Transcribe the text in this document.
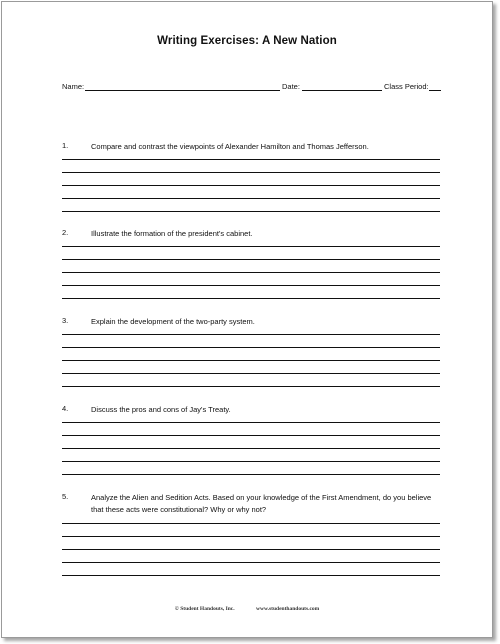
Writing Exercises: A New Nation
Name:	Date:	Class Period:
1.	Compare and contrast the viewpoints of Alexander Hamilton and Thomas Jefferson.
2.	Illustrate the formation of the president's cabinet.
3.	Explain the development of the two-party system.
4.	Discuss the pros and cons of Jay's Treaty.
5.	Analyze the Alien and Sedition Acts. Based on your knowledge of the First Amendment, do you believe that these acts were constitutional? Why or why not?
© Student Handouts, Inc.	www.studenthandouts.com
